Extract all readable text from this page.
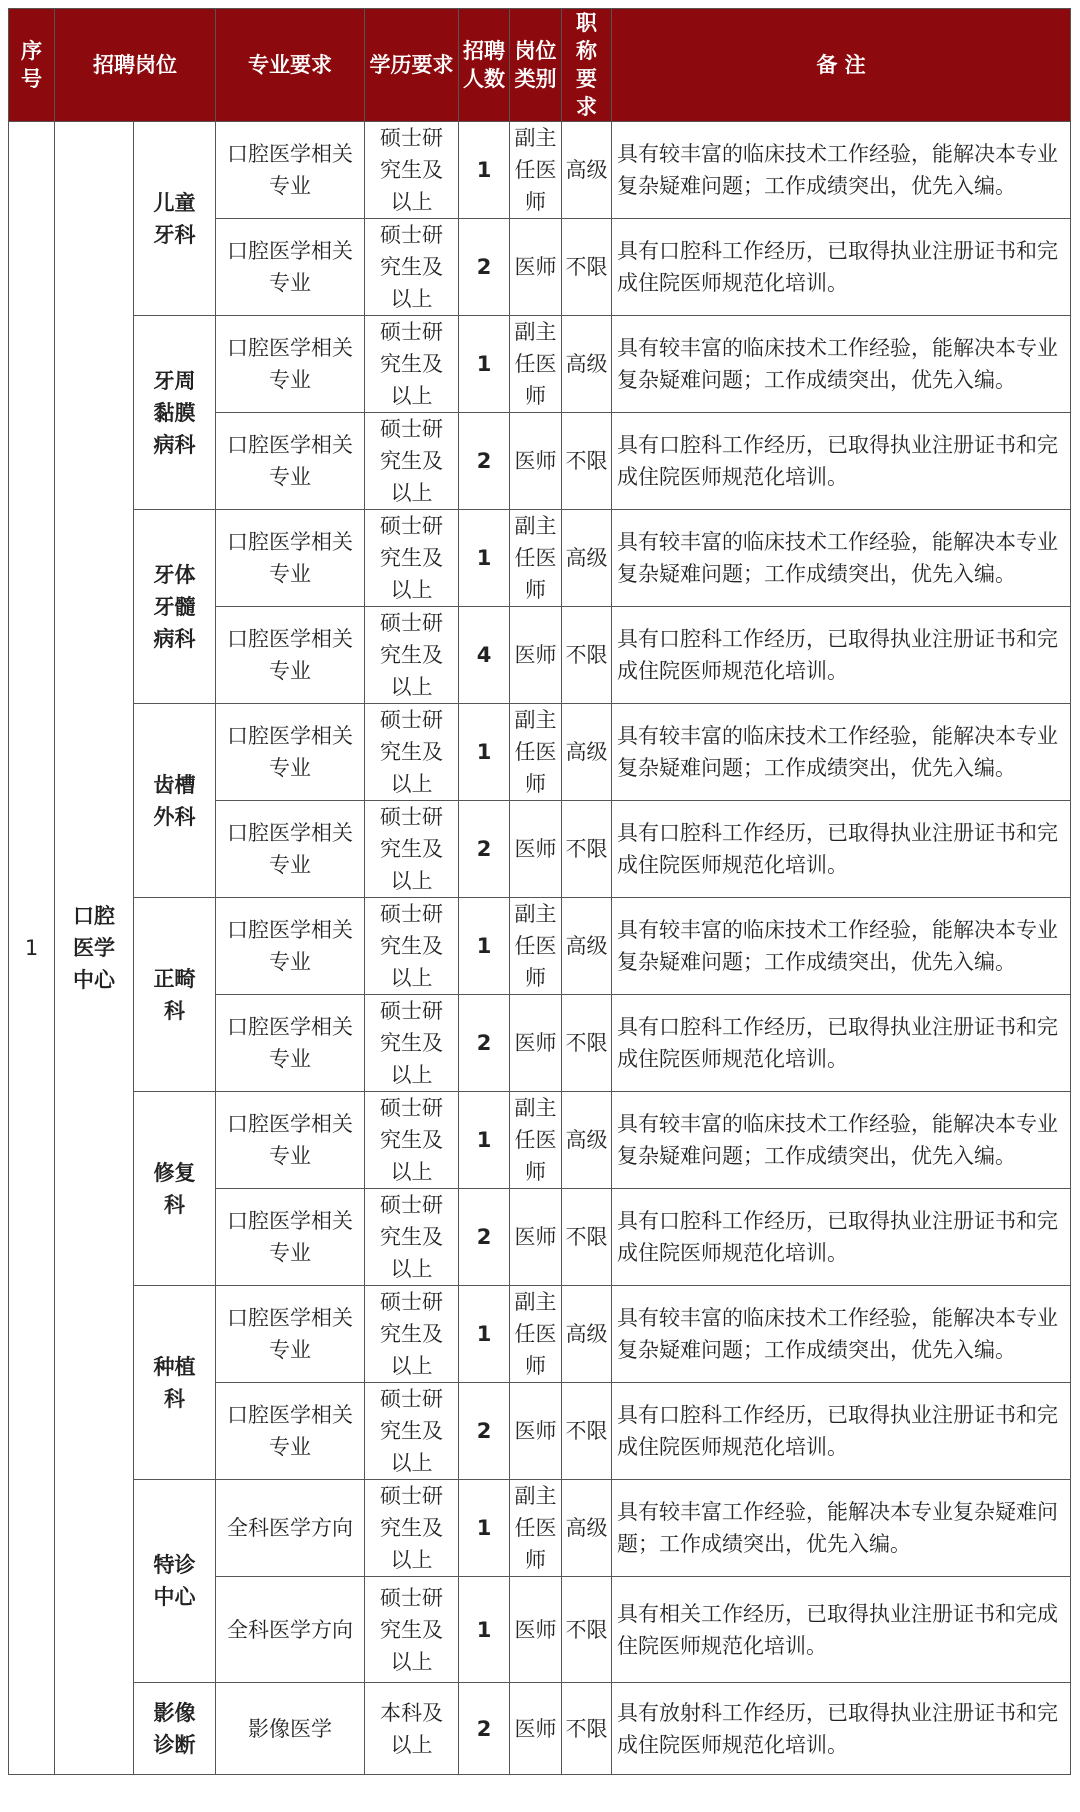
序号	招聘岗位		专业要求	学历要求	招聘人数	岗位类别	职称要求	备 注
1	口腔医学中心	儿童牙科	口腔医学相关专业	硕士研究生及以上	1	副主任医师	高级	具有较丰富的临床技术工作经验，能解决本专业复杂疑难问题；工作成绩突出，优先入编。
			口腔医学相关专业	硕士研究生及以上	2	医师	不限	具有口腔科工作经历，已取得执业注册证书和完成住院医师规范化培训。
		牙周黏膜病科	口腔医学相关专业	硕士研究生及以上	1	副主任医师	高级	具有较丰富的临床技术工作经验，能解决本专业复杂疑难问题；工作成绩突出，优先入编。
			口腔医学相关专业	硕士研究生及以上	2	医师	不限	具有口腔科工作经历，已取得执业注册证书和完成住院医师规范化培训。
		牙体牙髓病科	口腔医学相关专业	硕士研究生及以上	1	副主任医师	高级	具有较丰富的临床技术工作经验，能解决本专业复杂疑难问题；工作成绩突出，优先入编。
			口腔医学相关专业	硕士研究生及以上	4	医师	不限	具有口腔科工作经历，已取得执业注册证书和完成住院医师规范化培训。
		齿槽外科	口腔医学相关专业	硕士研究生及以上	1	副主任医师	高级	具有较丰富的临床技术工作经验，能解决本专业复杂疑难问题；工作成绩突出，优先入编。
			口腔医学相关专业	硕士研究生及以上	2	医师	不限	具有口腔科工作经历，已取得执业注册证书和完成住院医师规范化培训。
		正畸科	口腔医学相关专业	硕士研究生及以上	1	副主任医师	高级	具有较丰富的临床技术工作经验，能解决本专业复杂疑难问题；工作成绩突出，优先入编。
			口腔医学相关专业	硕士研究生及以上	2	医师	不限	具有口腔科工作经历，已取得执业注册证书和完成住院医师规范化培训。
		修复科	口腔医学相关专业	硕士研究生及以上	1	副主任医师	高级	具有较丰富的临床技术工作经验，能解决本专业复杂疑难问题；工作成绩突出，优先入编。
			口腔医学相关专业	硕士研究生及以上	2	医师	不限	具有口腔科工作经历，已取得执业注册证书和完成住院医师规范化培训。
		种植科	口腔医学相关专业	硕士研究生及以上	1	副主任医师	高级	具有较丰富的临床技术工作经验，能解决本专业复杂疑难问题；工作成绩突出，优先入编。
			口腔医学相关专业	硕士研究生及以上	2	医师	不限	具有口腔科工作经历，已取得执业注册证书和完成住院医师规范化培训。
		特诊中心	全科医学方向	硕士研究生及以上	1	副主任医师	高级	具有较丰富工作经验，能解决本专业复杂疑难问题；工作成绩突出，优先入编。
			全科医学方向	硕士研究生及以上	1	医师	不限	具有相关工作经历，已取得执业注册证书和完成住院医师规范化培训。
		影像诊断	影像医学	本科及以上	2	医师	不限	具有放射科工作经历，已取得执业注册证书和完成住院医师规范化培训。
